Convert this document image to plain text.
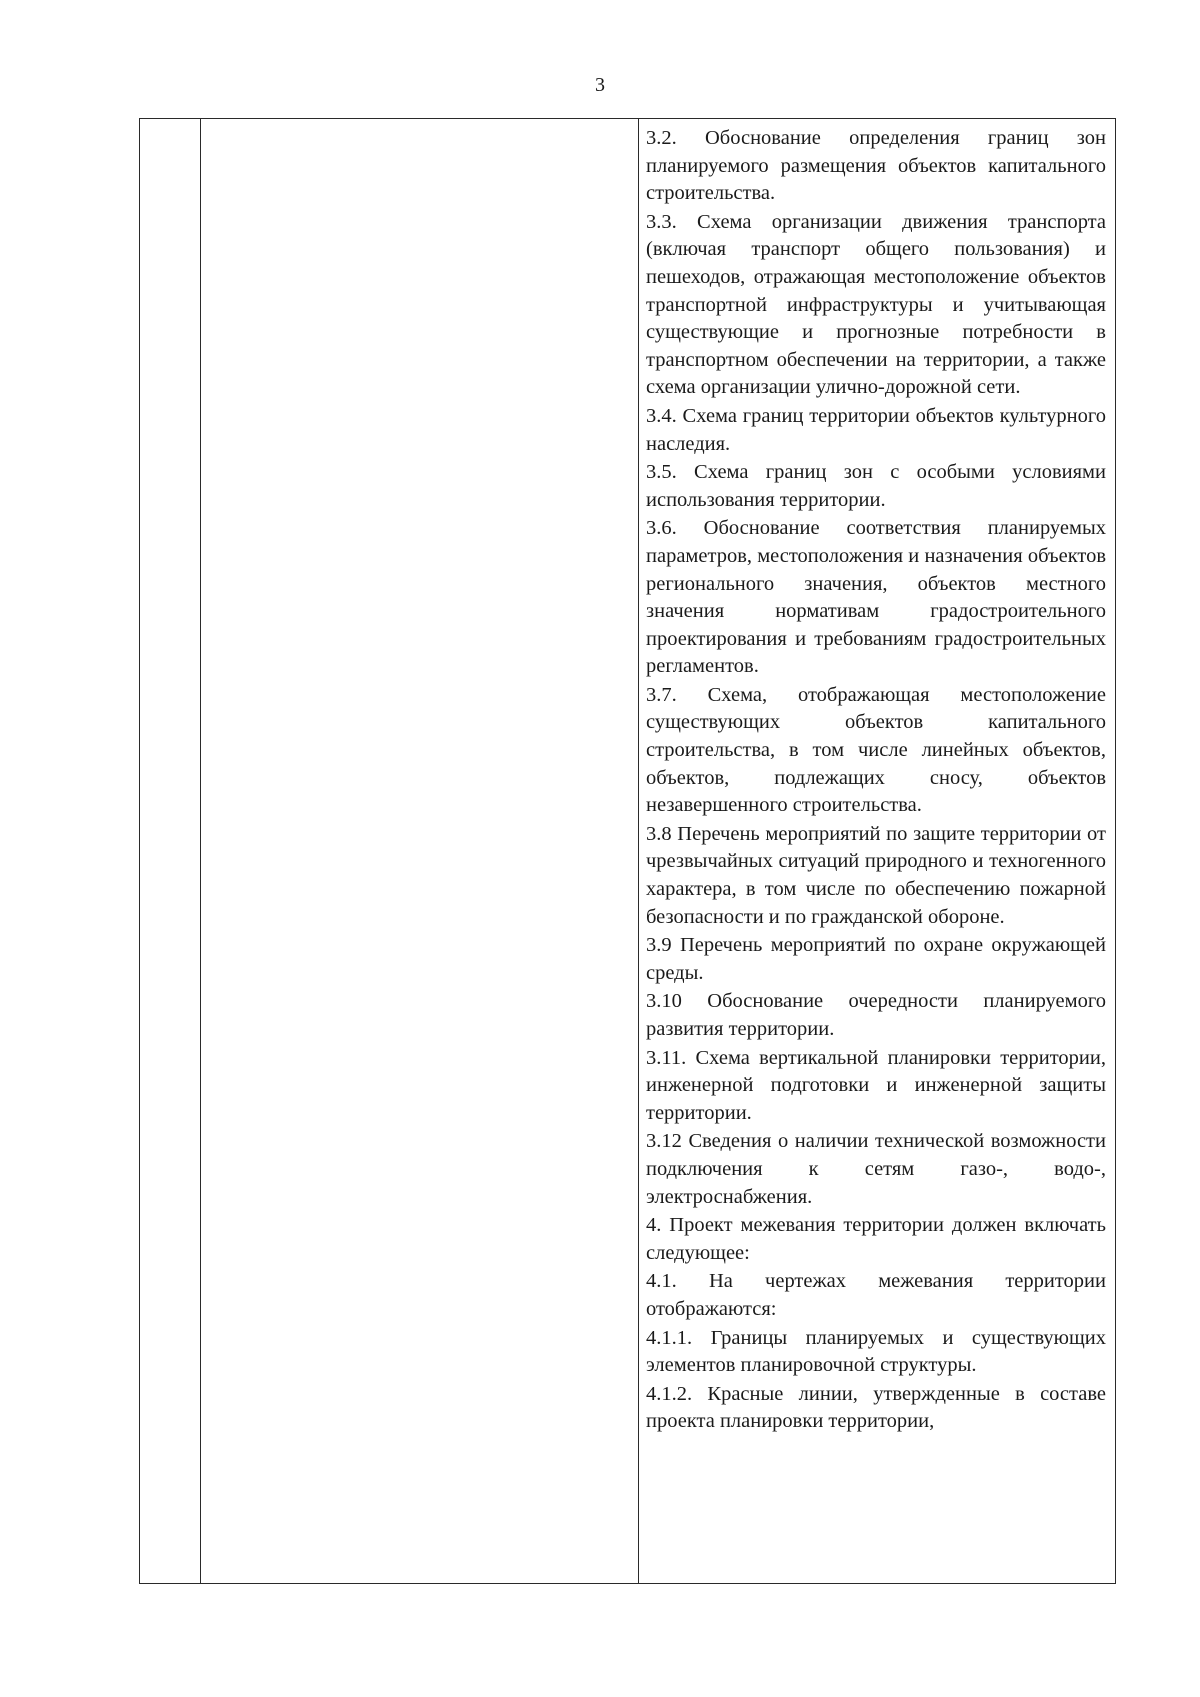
3

3.2. Обоснование определения границ зон планируемого размещения объектов капитального строительства.

3.3. Схема организации движения транспорта (включая транспорт общего пользования) и пешеходов, отражающая местоположение объектов транспортной инфраструктуры и учитывающая существующие и прогнозные потребности в транспортном обеспечении на территории, а также схема организации улично-дорожной сети.

3.4. Схема границ территории объектов культурного наследия.

3.5. Схема границ зон с особыми условиями использования территории.

3.6. Обоснование соответствия планируемых параметров, местоположения и назначения объектов регионального значения, объектов местного значения нормативам градостроительного проектирования и требованиям градостроительных регламентов.

3.7. Схема, отображающая местоположение существующих объектов капитального строительства, в том числе линейных объектов, объектов, подлежащих сносу, объектов незавершенного строительства.

3.8 Перечень мероприятий по защите территории от чрезвычайных ситуаций природного и техногенного характера, в том числе по обеспечению пожарной безопасности и по гражданской обороне.

3.9 Перечень мероприятий по охране окружающей среды.

3.10 Обоснование очередности планируемого развития территории.

3.11. Схема вертикальной планировки территории, инженерной подготовки и инженерной защиты территории.

3.12 Сведения о наличии технической возможности подключения к сетям газо-, водо-, электроснабжения.

4. Проект межевания территории должен включать следующее:

4.1. На чертежах межевания территории отображаются:

4.1.1. Границы планируемых и существующих элементов планировочной структуры.

4.1.2. Красные линии, утвержденные в составе проекта планировки территории,
